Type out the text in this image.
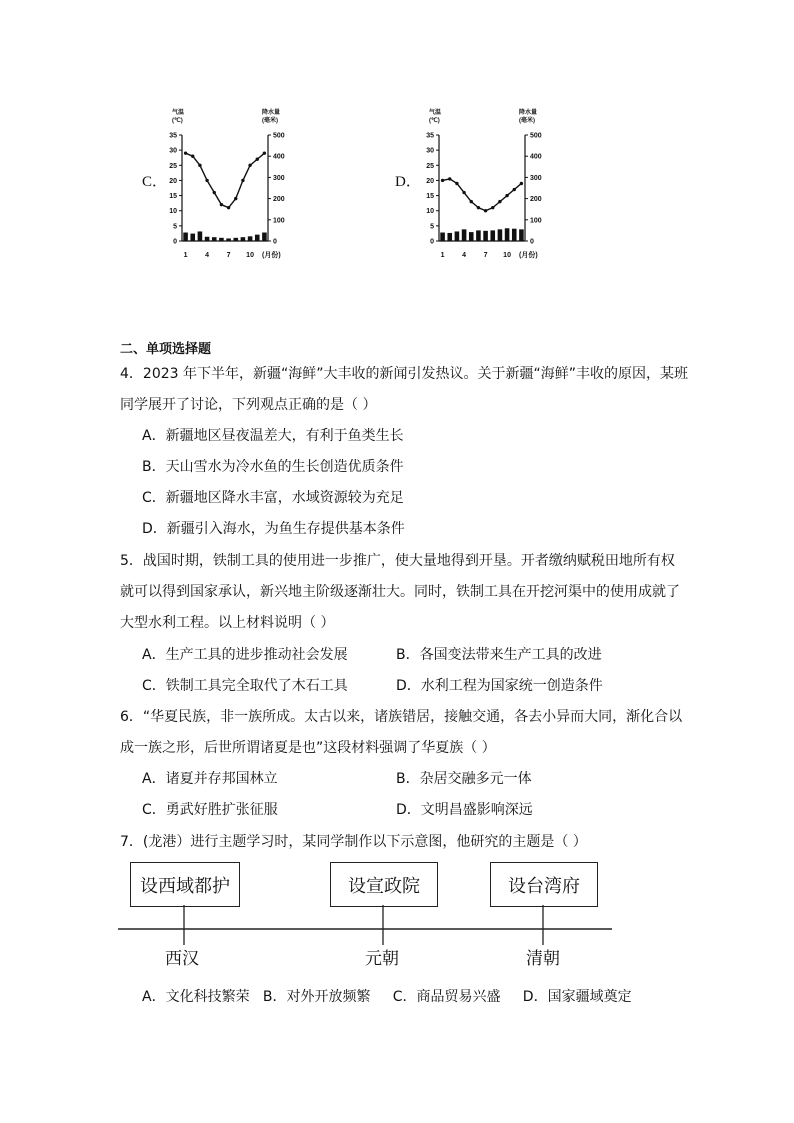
C．
气温
(℃)
降水量
(毫米)
(月份)
0
5
10
15
20
25
30
35
0
100
200
300
400
500
1	4	7 10
D．
气温
(℃)
降水量
(毫米)
(月份)
0
5
10
15
20
25
30
35
0
100
200
300
400
500
1	4	7 10
二、单项选择题
4．2023 年下半年，新疆“海鲜”大丰收的新闻引发热议。关于新疆“海鲜”丰收的原因，某班
同学展开了讨论，下列观点正确的是（ ）
A．新疆地区昼夜温差大，有利于鱼类生长
B．天山雪水为冷水鱼的生长创造优质条件
C．新疆地区降水丰富，水域资源较为充足
D．新疆引入海水，为鱼生存提供基本条件
5．战国时期，铁制工具的使用进一步推广，使大量地得到开垦。开者缴纳赋税田地所有权
就可以得到国家承认，新兴地主阶级逐渐壮大。同时，铁制工具在开挖河渠中的使用成就了
大型水利工程。以上材料说明（ ）
A．生产工具的进步推动社会发展	B．各国变法带来生产工具的改进
C．铁制工具完全取代了木石工具	D．水利工程为国家统一创造条件
6．“华夏民族，非一族所成。太古以来，诸族错居，接触交通，各去小异而大同，渐化合以
成一族之形，后世所谓诸夏是也”这段材料强调了华夏族（ ）
A．诸夏并存邦国林立	B．杂居交融多元一体
C．勇武好胜扩张征服	D．文明昌盛影响深远
7．(龙港）进行主题学习时，某同学制作以下示意图，他研究的主题是（ ）
设西域都护	设宣政院	设台湾府
西汉	元朝	清朝
A．文化科技繁荣   B．对外开放频繁     C．商品贸易兴盛     D．国家疆域奠定
